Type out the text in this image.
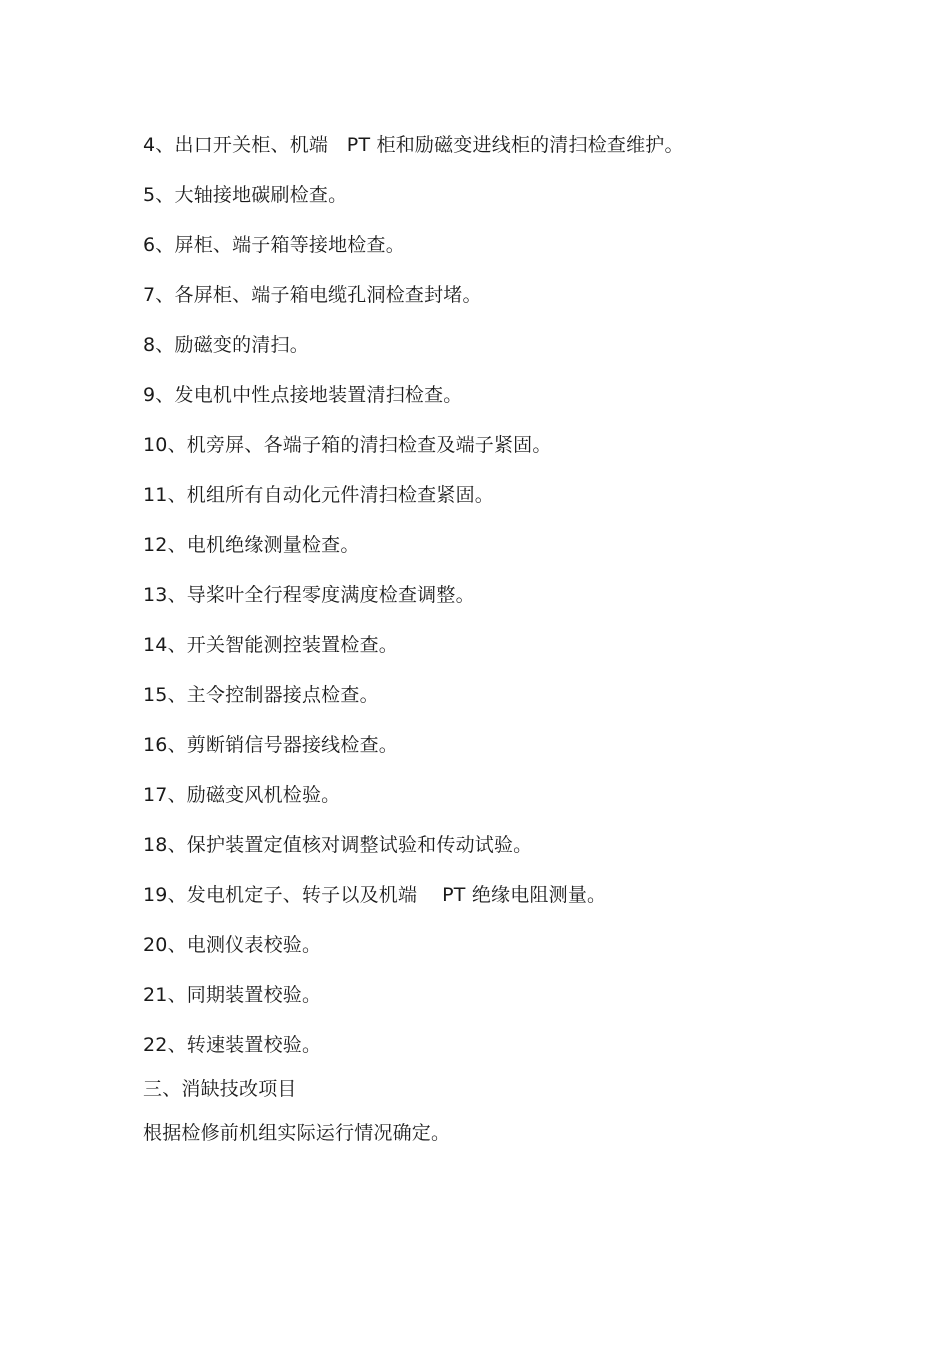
4、出口开关柜、机端   PT 柜和励磁变进线柜的清扫检查维护。
5、大轴接地碳刷检查。
6、屏柜、端子箱等接地检查。
7、各屏柜、端子箱电缆孔洞检查封堵。
8、励磁变的清扫。
9、发电机中性点接地装置清扫检查。
10、机旁屏、各端子箱的清扫检查及端子紧固。
11、机组所有自动化元件清扫检查紧固。
12、电机绝缘测量检查。
13、导桨叶全行程零度满度检查调整。
14、开关智能测控装置检查。
15、主令控制器接点检查。
16、剪断销信号器接线检查。
17、励磁变风机检验。
18、保护装置定值核对调整试验和传动试验。
19、发电机定子、转子以及机端    PT 绝缘电阻测量。
20、电测仪表校验。
21、同期装置校验。
22、转速装置校验。
三、消缺技改项目
根据检修前机组实际运行情况确定。
